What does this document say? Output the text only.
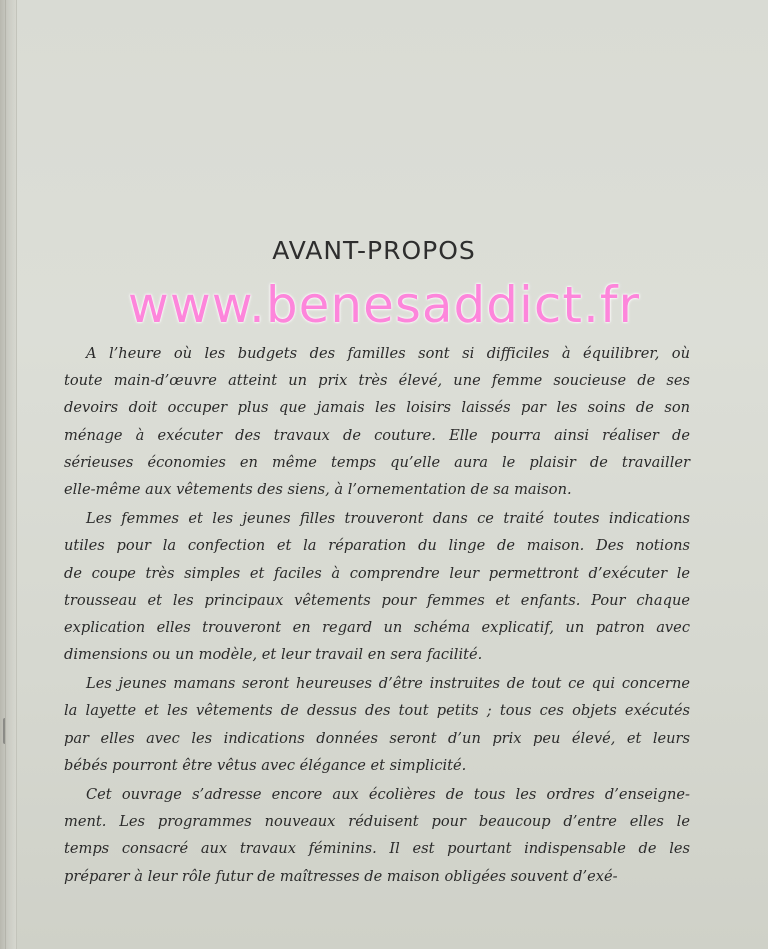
AVANT-PROPOS
www.benesaddict.fr
A l’heure où les budgets des familles sont si difficiles à équilibrer, où
toute main-d’œuvre atteint un prix très élevé, une femme soucieuse de ses
devoirs doit occuper plus que jamais les loisirs laissés par les soins de son
ménage à exécuter des travaux de couture. Elle pourra ainsi réaliser de
sérieuses économies en même temps qu’elle aura le plaisir de travailler
elle-même aux vêtements des siens, à l’ornementation de sa maison.
Les femmes et les jeunes filles trouveront dans ce traité toutes indications
utiles pour la confection et la réparation du linge de maison. Des notions
de coupe très simples et faciles à comprendre leur permettront d’exécuter le
trousseau et les principaux vêtements pour femmes et enfants. Pour chaque
explication elles trouveront en regard un schéma explicatif, un patron avec
dimensions ou un modèle, et leur travail en sera facilité.
Les jeunes mamans seront heureuses d’être instruites de tout ce qui concerne
la layette et les vêtements de dessus des tout petits ; tous ces objets exécutés
par elles avec les indications données seront d’un prix peu élevé, et leurs
bébés pourront être vêtus avec élégance et simplicité.
Cet ouvrage s’adresse encore aux écolières de tous les ordres d’enseigne-
ment. Les programmes nouveaux réduisent pour beaucoup d’entre elles le
temps consacré aux travaux féminins. Il est pourtant indispensable de les
préparer à leur rôle futur de maîtresses de maison obligées souvent d’exé-
